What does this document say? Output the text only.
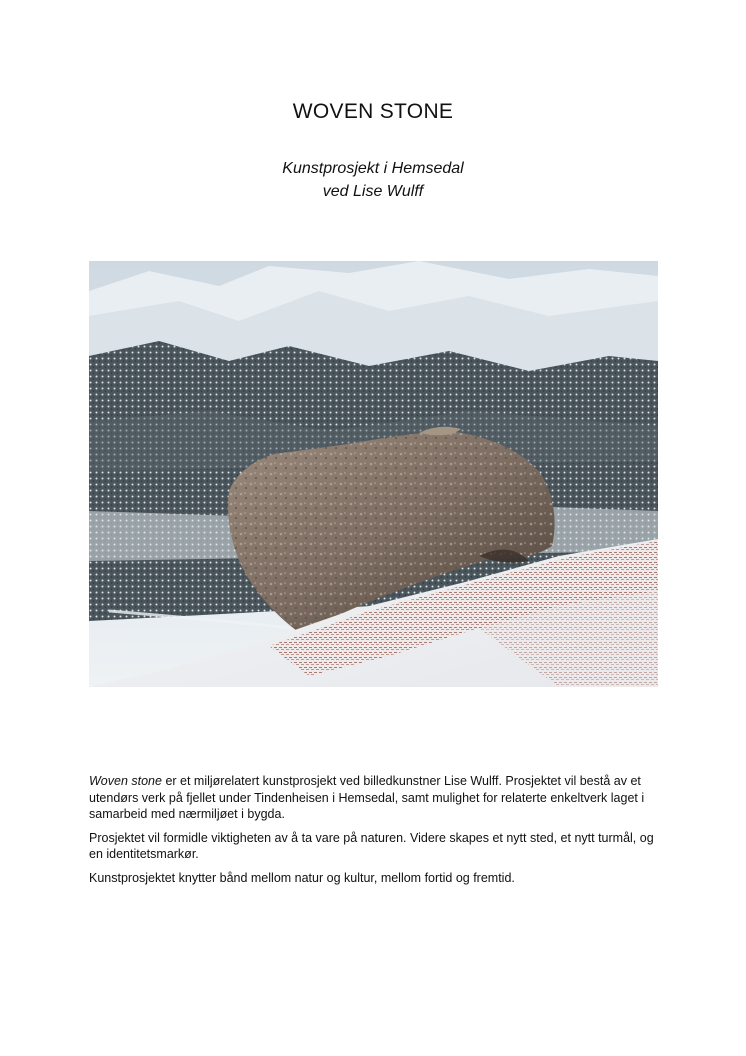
WOVEN STONE
Kunstprosjekt i Hemsedal
ved Lise Wulff

Woven stone er et miljørelatert kunstprosjekt ved billedkunstner Lise Wulff. Prosjektet vil bestå av et utendørs verk på fjellet under Tindenheisen i Hemsedal, samt mulighet for relaterte enkeltverk laget i samarbeid med nærmiljøet i bygda.

Prosjektet vil formidle viktigheten av å ta vare på naturen. Videre skapes et nytt sted, et nytt turmål, og en identitetsmarkør.

Kunstprosjektet knytter bånd mellom natur og kultur, mellom fortid og fremtid.
